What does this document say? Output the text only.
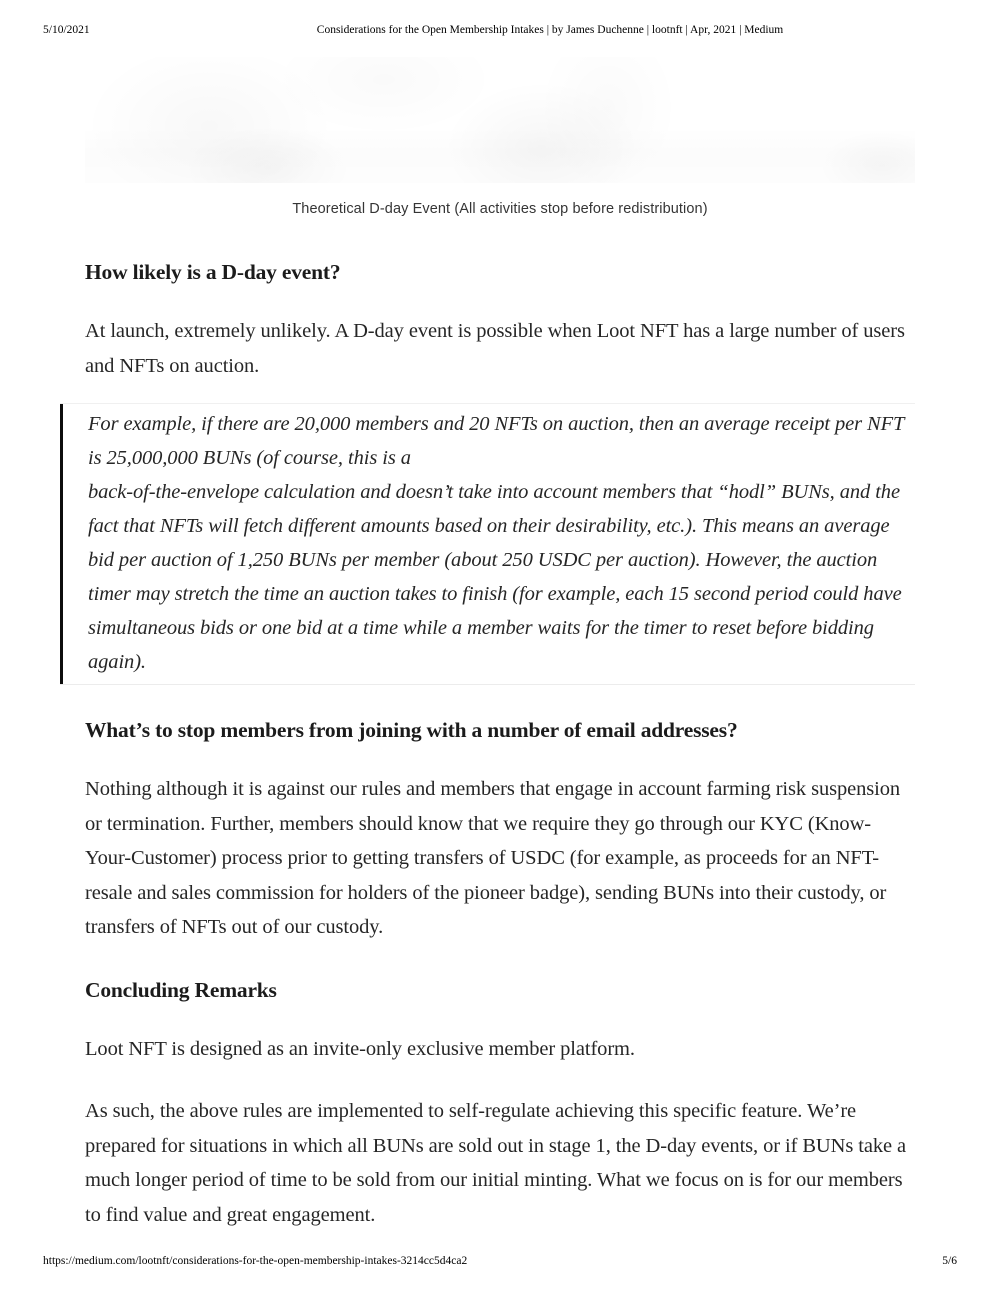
5/10/2021	Considerations for the Open Membership Intakes | by James Duchenne | lootnft | Apr, 2021 | Medium
Theoretical D-day Event (All activities stop before redistribution)
How likely is a D-day event?

At launch, extremely unlikely. A D-day event is possible when Loot NFT has a large number of users and NFTs on auction.

For example, if there are 20,000 members and 20 NFTs on auction, then an average receipt per NFT is 25,000,000 BUNs (of course, this is a
back-of-the-envelope calculation and doesn’t take into account members that “hodl” BUNs, and the fact that NFTs will fetch different amounts based on their desirability, etc.). This means an average bid per auction of 1,250 BUNs per member (about 250 USDC per auction). However, the auction timer may stretch the time an auction takes to finish (for example, each 15 second period could have simultaneous bids or one bid at a time while a member waits for the timer to reset before bidding again).
What’s to stop members from joining with a number of email addresses?

Nothing although it is against our rules and members that engage in account farming risk suspension or termination. Further, members should know that we require they go through our KYC (Know-Your-Customer) process prior to getting transfers of USDC (for example, as proceeds for an NFT-resale and sales commission for holders of the pioneer badge), sending BUNs into their custody, or transfers of NFTs out of our custody.

Concluding Remarks

Loot NFT is designed as an invite-only exclusive member platform.

As such, the above rules are implemented to self-regulate achieving this specific feature. We’re prepared for situations in which all BUNs are sold out in stage 1, the D-day events, or if BUNs take a much longer period of time to be sold from our initial minting. What we focus on is for our members to find value and great engagement.

https://medium.com/lootnft/considerations-for-the-open-membership-intakes-3214cc5d4ca2	5/6
